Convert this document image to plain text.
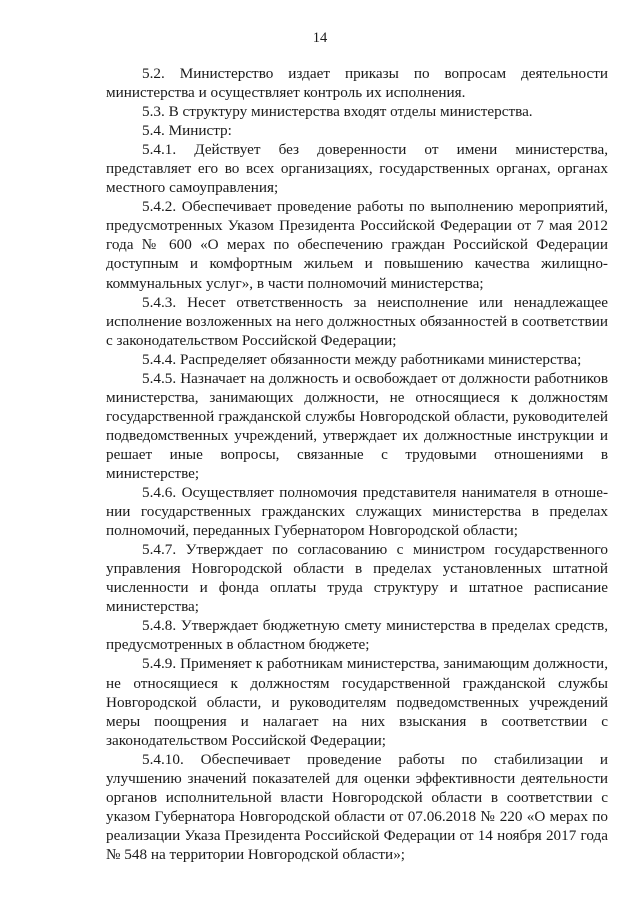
14

5.2. Министерство издает приказы по вопросам деятельности министерства и осуществляет контроль их исполнения.

5.3. В структуру министерства входят отделы министерства.

5.4. Министр:

5.4.1. Действует без доверенности от имени министерства, представляет его во всех организациях, государственных органах, органах местного самоуправления;

5.4.2. Обеспечивает проведение работы по выполнению мероприятий, предусмотренных Указом Президента Российской Федерации от 7 мая 2012 года № 600 «О мерах по обеспечению граждан Российской Федерации доступным и комфортным жильем и повышению качества жилищно-коммунальных услуг», в части полномочий министерства;

5.4.3. Несет ответственность за неисполнение или ненадлежащее исполнение возложенных на него должностных обязанностей в соответствии с законодательством Российской Федерации;

5.4.4. Распределяет обязанности между работниками министерства;

5.4.5. Назначает на должность и освобождает от должности работников министерства, занимающих должности, не относящиеся к должностям государственной гражданской службы Новгородской области, руководителей подведомственных учреждений, утверждает их должностные инструкции и решает иные вопросы, связанные с трудовыми отношениями в министерстве;

5.4.6. Осуществляет полномочия представителя нанимателя в отношении государственных гражданских служащих министерства в пределах полномочий, переданных Губернатором Новгородской области;

5.4.7. Утверждает по согласованию с министром государственного управления Новгородской области в пределах установленных штатной численности и фонда оплаты труда структуру и штатное расписание министерства;

5.4.8. Утверждает бюджетную смету министерства в пределах средств, предусмотренных в областном бюджете;

5.4.9. Применяет к работникам министерства, занимающим должности, не относящиеся к должностям государственной гражданской службы Новгородской области, и руководителям подведомственных учреждений меры поощрения и налагает на них взыскания в соответствии с законодательством Российской Федерации;

5.4.10. Обеспечивает проведение работы по стабилизации и улучшению значений показателей для оценки эффективности деятельности органов исполнительной власти Новгородской области в соответствии с указом Губернатора Новгородской области от 07.06.2018 № 220 «О мерах по реализации Указа Президента Российской Федерации от 14 ноября 2017 года № 548 на территории Новгородской области»;
